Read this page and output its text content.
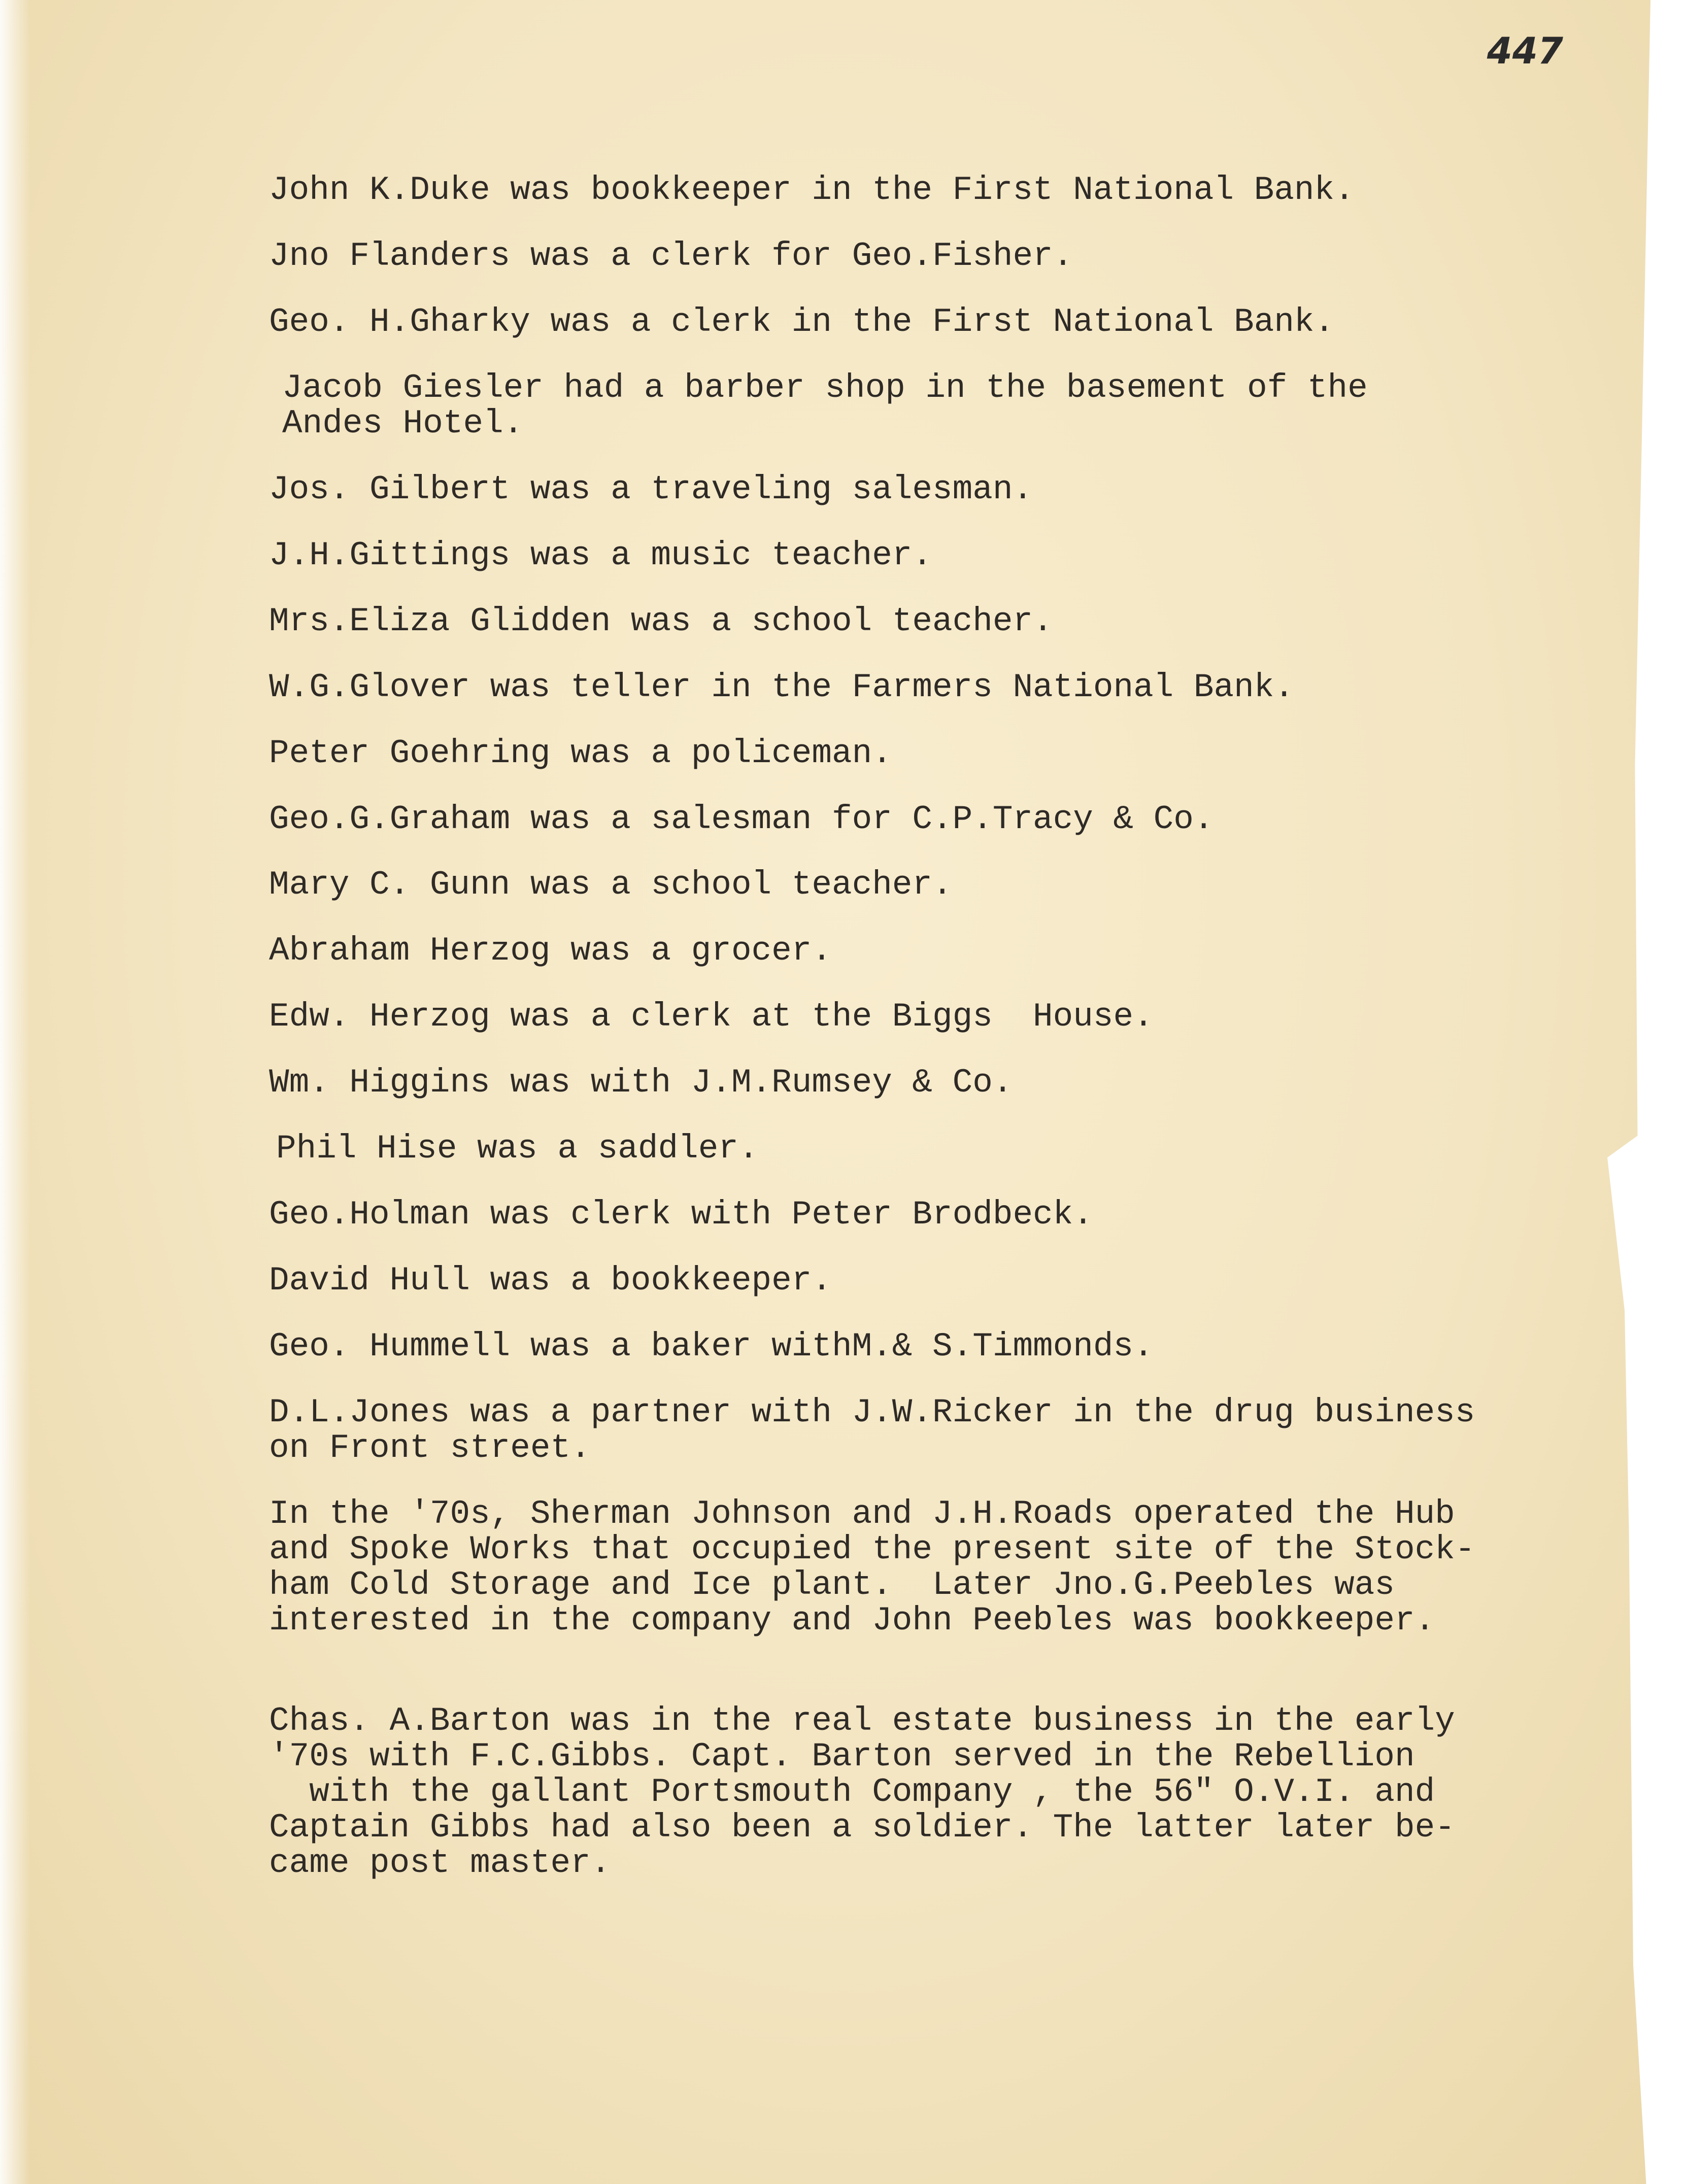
447

John K.Duke was bookkeeper in the First National Bank.

Jno Flanders was a clerk for Geo.Fisher.

Geo. H.Gharky was a clerk in the First National Bank.

Jacob Giesler had a barber shop in the basement of the
Andes Hotel.

Jos. Gilbert was a traveling salesman.

J.H.Gittings was a music teacher.

Mrs.Eliza Glidden was a school teacher.

W.G.Glover was teller in the Farmers National Bank.

Peter Goehring was a policeman.

Geo.G.Graham was a salesman for C.P.Tracy & Co.

Mary C. Gunn was a school teacher.

Abraham Herzog was a grocer.

Edw. Herzog was a clerk at the Biggs  House.

Wm. Higgins was with J.M.Rumsey & Co.

Phil Hise was a saddler.

Geo.Holman was clerk with Peter Brodbeck.

David Hull was a bookkeeper.

Geo. Hummell was a baker withM.& S.Timmonds.

D.L.Jones was a partner with J.W.Ricker in the drug business
on Front street.

In the '70s, Sherman Johnson and J.H.Roads operated the Hub
and Spoke Works that occupied the present site of the Stock-
ham Cold Storage and Ice plant.  Later Jno.G.Peebles was
interested in the company and John Peebles was bookkeeper.

Chas. A.Barton was in the real estate business in the early
'70s with F.C.Gibbs. Capt. Barton served in the Rebellion
with the gallant Portsmouth Company , the 56" O.V.I. and
Captain Gibbs had also been a soldier. The latter later be-
came post master.
